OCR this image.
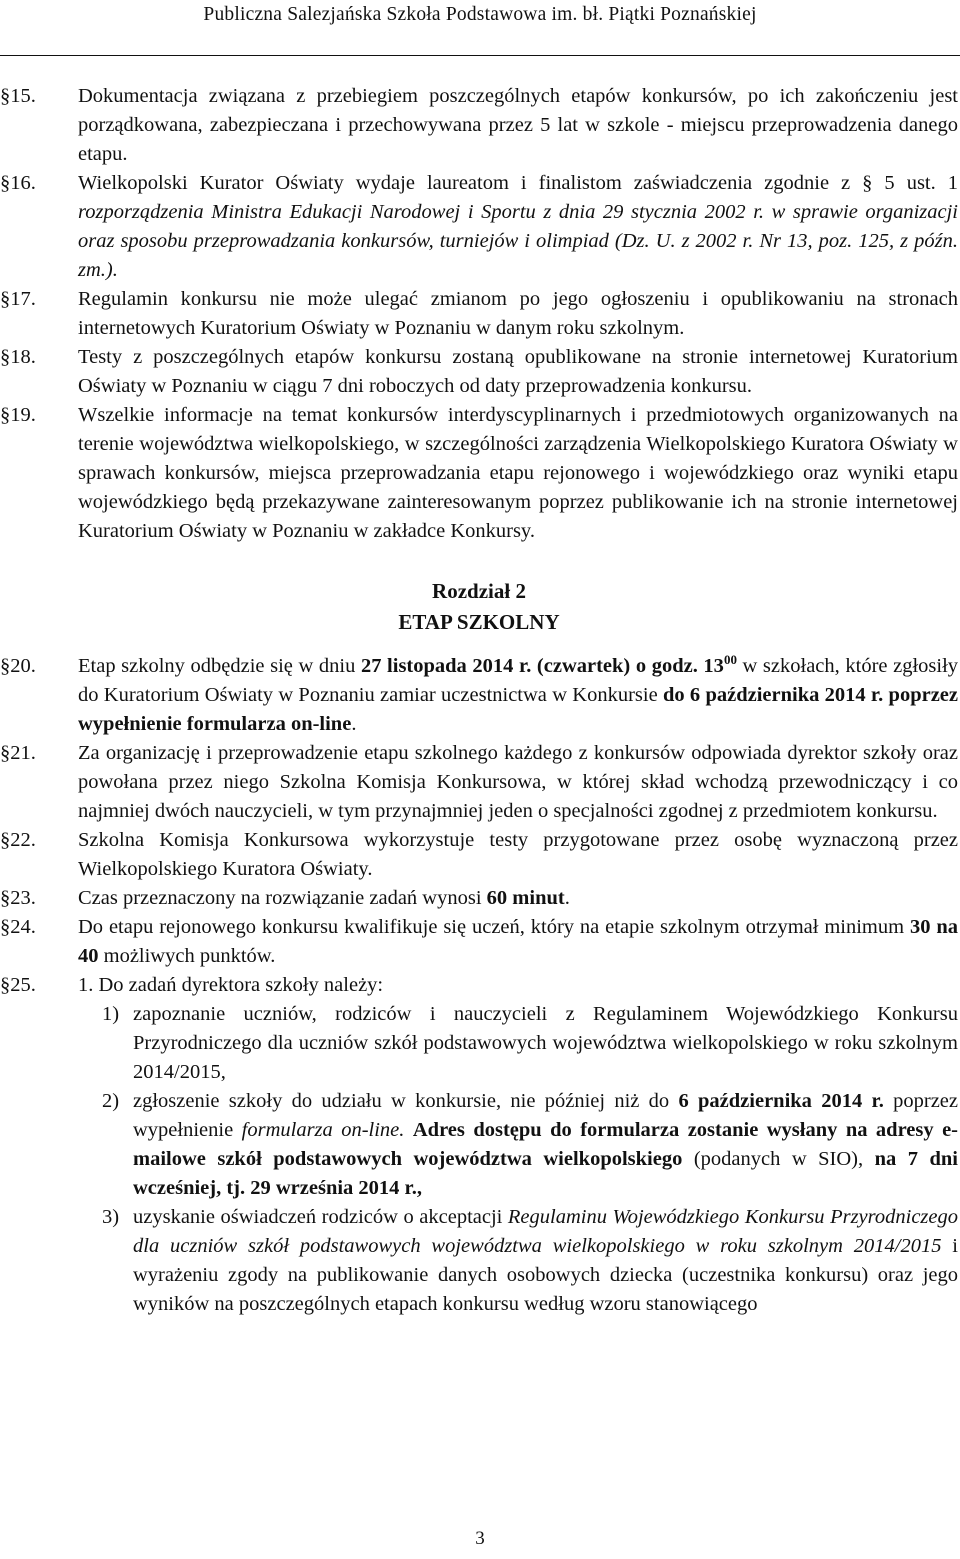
Publiczna Salezjańska Szkoła Podstawowa im. bł. Piątki Poznańskiej
§15. Dokumentacja związana z przebiegiem poszczególnych etapów konkursów, po ich zakończeniu jest porządkowana, zabezpieczana i przechowywana przez 5 lat w szkole - miejscu przeprowadzenia danego etapu.
§16. Wielkopolski Kurator Oświaty wydaje laureatom i finalistom zaświadczenia zgodnie z § 5 ust. 1 rozporządzenia Ministra Edukacji Narodowej i Sportu z dnia 29 stycznia 2002 r. w sprawie organizacji oraz sposobu przeprowadzania konkursów, turniejów i olimpiad (Dz. U. z 2002 r. Nr 13, poz. 125, z późn. zm.).
§17. Regulamin konkursu nie może ulegać zmianom po jego ogłoszeniu i opublikowaniu na stronach internetowych Kuratorium Oświaty w Poznaniu w danym roku szkolnym.
§18. Testy z poszczególnych etapów konkursu zostaną opublikowane na stronie internetowej Kuratorium Oświaty w Poznaniu w ciągu 7 dni roboczych od daty przeprowadzenia konkursu.
§19. Wszelkie informacje na temat konkursów interdyscyplinarnych i przedmiotowych organizowanych na terenie województwa wielkopolskiego, w szczególności zarządzenia Wielkopolskiego Kuratora Oświaty w sprawach konkursów, miejsca przeprowadzania etapu rejonowego i wojewódzkiego oraz wyniki etapu wojewódzkiego będą przekazywane zainteresowanym poprzez publikowanie ich na stronie internetowej Kuratorium Oświaty w Poznaniu w zakładce Konkursy.
Rozdział 2
ETAP SZKOLNY
§20. Etap szkolny odbędzie się w dniu 27 listopada 2014 r. (czwartek) o godz. $13^{00}$ w szkołach, które zgłosiły do Kuratorium Oświaty w Poznaniu zamiar uczestnictwa w Konkursie do 6 października 2014 r. poprzez wypełnienie formularza on-line.
§21. Za organizację i przeprowadzenie etapu szkolnego każdego z konkursów odpowiada dyrektor szkoły oraz powołana przez niego Szkolna Komisja Konkursowa, w której skład wchodzą przewodniczący i co najmniej dwóch nauczycieli, w tym przynajmniej jeden o specjalności zgodnej z przedmiotem konkursu.
§22. Szkolna Komisja Konkursowa wykorzystuje testy przygotowane przez osobę wyznaczoną przez Wielkopolskiego Kuratora Oświaty.
§23. Czas przeznaczony na rozwiązanie zadań wynosi 60 minut.
§24. Do etapu rejonowego konkursu kwalifikuje się uczeń, który na etapie szkolnym otrzymał minimum 30 na 40 możliwych punktów.
§25. 1. Do zadań dyrektora szkoły należy:
1) zapoznanie uczniów, rodziców i nauczycieli z Regulaminem Wojewódzkiego Konkursu Przyrodniczego dla uczniów szkół podstawowych województwa wielkopolskiego w roku szkolnym 2014/2015,
2) zgłoszenie szkoły do udziału w konkursie, nie później niż do 6 października 2014 r. poprzez wypełnienie formularza on-line. Adres dostępu do formularza zostanie wysłany na adresy e-mailowe szkół podstawowych województwa wielkopolskiego (podanych w SIO), na 7 dni wcześniej, tj. 29 września 2014 r.,
3) uzyskanie oświadczeń rodziców o akceptacji Regulaminu Wojewódzkiego Konkursu Przyrodniczego dla uczniów szkół podstawowych województwa wielkopolskiego w roku szkolnym 2014/2015 i wyrażeniu zgody na publikowanie danych osobowych dziecka (uczestnika konkursu) oraz jego wyników na poszczególnych etapach konkursu według wzoru stanowiącego
3
